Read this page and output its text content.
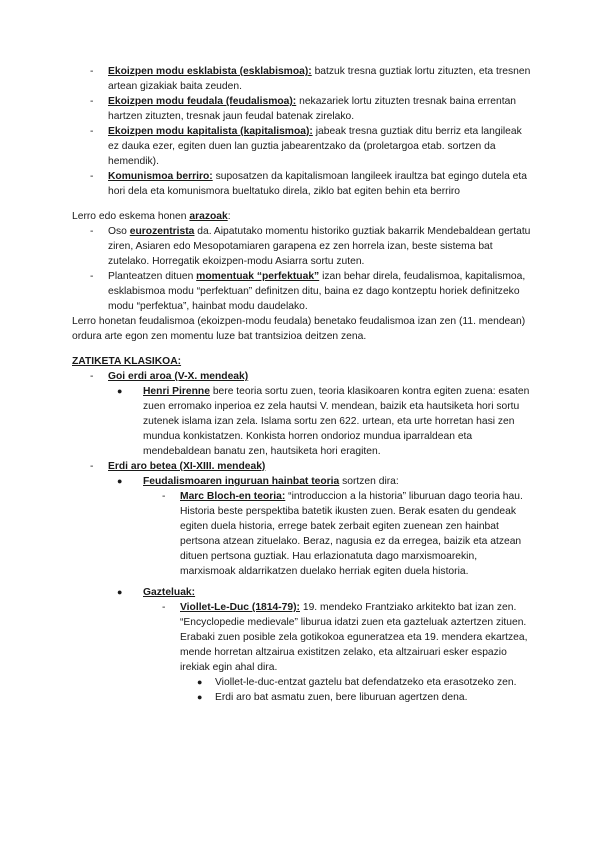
- Ekoizpen modu esklabista (esklabismoa): batzuk tresna guztiak lortu zituzten, eta tresnen artean gizakiak baita zeuden.
- Ekoizpen modu feudala (feudalismoa): nekazariek lortu zituzten tresnak baina errentan hartzen zituzten, tresnak jaun feudal batenak zirelako.
- Ekoizpen modu kapitalista (kapitalismoa): jabeak tresna guztiak ditu berriz eta langileak ez dauka ezer, egiten duen lan guztia jabearentzako da (proletargoa etab. sortzen da hemendik).
- Komunismoa berriro: suposatzen da kapitalismoan langileek iraultza bat egingo dutela eta hori dela eta komunismora bueltatuko direla, ziklo bat egiten behin eta berriro
Lerro edo eskema honen arazoak:
- Oso eurozentrista da. Aipatutako momentu historiko guztiak bakarrik Mendebaldean gertatu ziren, Asiaren edo Mesopotamiaren garapena ez zen horrela izan, beste sistema bat zutelako. Horregatik ekoizpen-modu Asiarra sortu zuten.
- Planteatzen dituen momentuak “perfektuak” izan behar direla, feudalismoa, kapitalismoa, esklabismoa modu “perfektuan” definitzen ditu, baina ez dago kontzeptu horiek definitzeko modu “perfektua”, hainbat modu daudelako.
Lerro honetan feudalismoa (ekoizpen-modu feudala) benetako feudalismoa izan zen (11. mendean) ordura arte egon zen momentu luze bat trantsizioa deitzen zena.
ZATIKETA KLASIKOA:
- Goi erdi aroa (V-X. mendeak)
● Henri Pirenne bere teoria sortu zuen, teoria klasikoaren kontra egiten zuena: esaten zuen erromako inperioa ez zela hautsi V. mendean, baizik eta hautsiketa hori sortu zutenek islama izan zela. Islama sortu zen 622. urtean, eta urte horretan hasi zen mundua konkistatzen. Konkista horren ondorioz mundua iparraldean eta mendebaldean banatu zen, hautsiketa hori eragiten.
- Erdi aro betea (XI-XIII. mendeak)
● Feudalismoaren inguruan hainbat teoria sortzen dira:
- Marc Bloch-en teoria: “introduccion a la historia” liburuan dago teoria hau. Historia beste perspektiba batetik ikusten zuen. Berak esaten du gendeak egiten duela historia, errege batek zerbait egiten zuenean zen hainbat pertsona atzean zituelako. Beraz, nagusia ez da erregea, baizik eta atzean dituen pertsona guztiak. Hau erlazionatuta dago marxismoarekin, marxismoak aldarrikatzen duelako herriak egiten duela historia.
● Gazteluak:
- Viollet-Le-Duc (1814-79): 19. mendeko Frantziako arkitekto bat izan zen. “Encyclopedie medievale” liburua idatzi zuen eta gazteluak aztertzen zituen. Erabaki zuen posible zela gotikokoa eguneratzea eta 19. mendera ekartzea, mende horretan altzairua existitzen zelako, eta altzairuari esker espazio irekiak egin ahal dira.
● Viollet-le-duc-entzat gaztelu bat defendatzeko eta erasotzeko zen.
● Erdi aro bat asmatu zuen, bere liburuan agertzen dena.
